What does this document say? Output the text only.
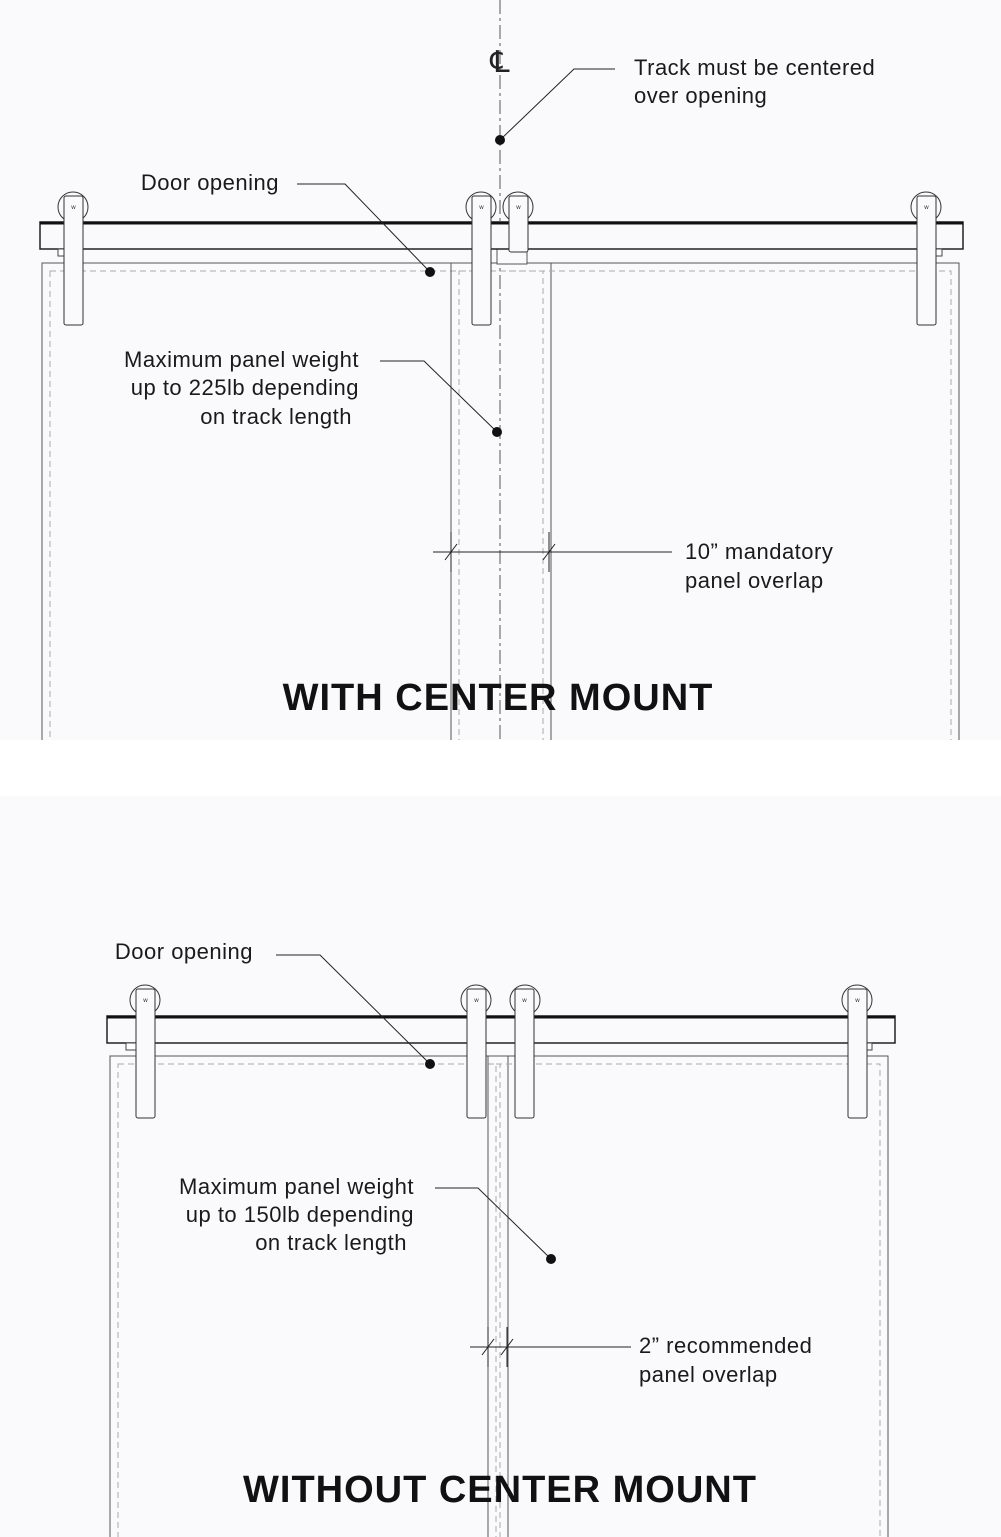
℄
w	w	w	w
Track must be centered
over opening
Door opening
Maximum panel weight
up to 225lb depending
on track length
10” mandatory
panel overlap
WITH CENTER MOUNT
w	w	w	w
Door opening
Maximum panel weight
up to 150lb depending
on track length
2” recommended
panel overlap
WITHOUT CENTER MOUNT
